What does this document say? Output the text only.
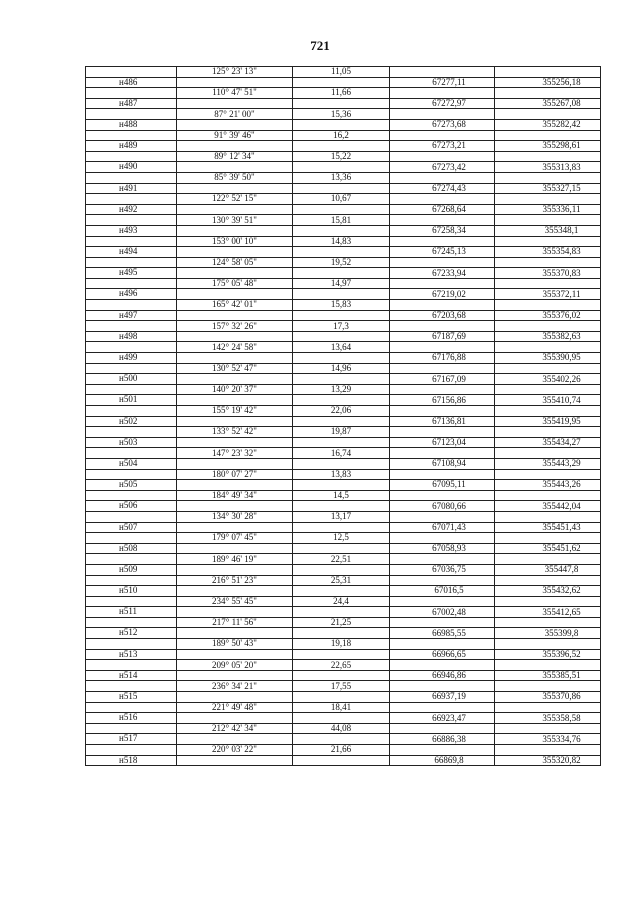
721
	125° 23' 13"	11,05		
н486			67277,11	355256,18
	110° 47' 51"	11,66		
н487			67272,97	355267,08
	87° 21' 00"	15,36		
н488			67273,68	355282,42
	91° 39' 46"	16,2		
н489			67273,21	355298,61
	89° 12' 34"	15,22		
н490			67273,42	355313,83
	85° 39' 50"	13,36		
н491			67274,43	355327,15
	122° 52' 15"	10,67		
н492			67268,64	355336,11
	130° 39' 51"	15,81		
н493			67258,34	355348,1
	153° 00' 10"	14,83		
н494			67245,13	355354,83
	124° 58' 05"	19,52		
н495			67233,94	355370,83
	175° 05' 48"	14,97		
н496			67219,02	355372,11
	165° 42' 01"	15,83		
н497			67203,68	355376,02
	157° 32' 26"	17,3		
н498			67187,69	355382,63
	142° 24' 58"	13,64		
н499			67176,88	355390,95
	130° 52' 47"	14,96		
н500			67167,09	355402,26
	140° 20' 37"	13,29		
н501			67156,86	355410,74
	155° 19' 42"	22,06		
н502			67136,81	355419,95
	133° 52' 42"	19,87		
н503			67123,04	355434,27
	147° 23' 32"	16,74		
н504			67108,94	355443,29
	180° 07' 27"	13,83		
н505			67095,11	355443,26
	184° 49' 34"	14,5		
н506			67080,66	355442,04
	134° 30' 28"	13,17		
н507			67071,43	355451,43
	179° 07' 45"	12,5		
н508			67058,93	355451,62
	189° 46' 19"	22,51		
н509			67036,75	355447,8
	216° 51' 23"	25,31		
н510			67016,5	355432,62
	234° 55' 45"	24,4		
н511			67002,48	355412,65
	217° 11' 56"	21,25		
н512			66985,55	355399,8
	189° 50' 43"	19,18		
н513			66966,65	355396,52
	209° 05' 20"	22,65		
н514			66946,86	355385,51
	236° 34' 21"	17,55		
н515			66937,19	355370,86
	221° 49' 48"	18,41		
н516			66923,47	355358,58
	212° 42' 34"	44,08		
н517			66886,38	355334,76
	220° 03' 22"	21,66		
н518			66869,8	355320,82
